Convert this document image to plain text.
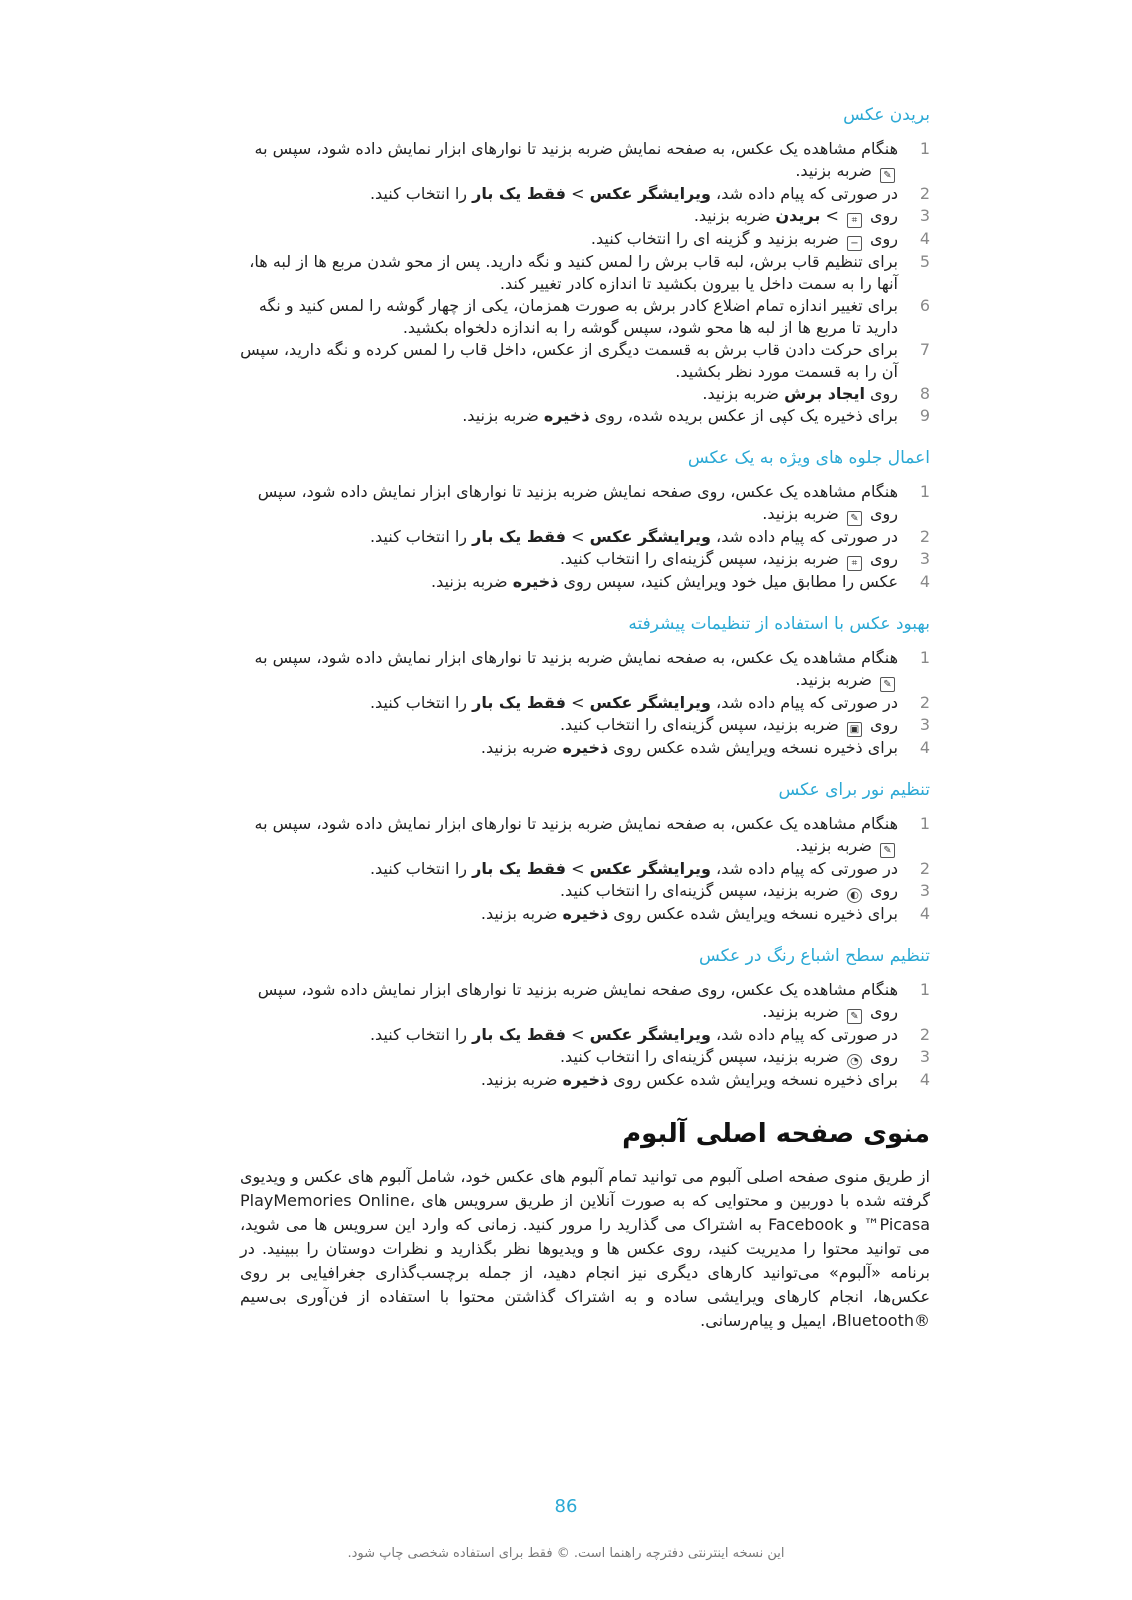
بریدن عکس
1
هنگام مشاهده یک عکس، به صفحه نمایش ضربه بزنید تا نوارهای ابزار نمایش داده شود، سپس به ✎ ضربه بزنید.
2
در صورتی که پیام داده شد، ویرایشگر عکس > فقط یک بار را انتخاب کنید.
3
روی ⌗ > بریدن ضربه بزنید.
4
روی − ضربه بزنید و گزینه ای را انتخاب کنید.
5
برای تنظیم قاب برش، لبه قاب برش را لمس کنید و نگه دارید. پس از محو شدن مربع ها از لبه ها، آنها را به سمت داخل یا بیرون بکشید تا اندازه کادر تغییر کند.
6
برای تغییر اندازه تمام اضلاع کادر برش به صورت همزمان، یکی از چهار گوشه را لمس کنید و نگه دارید تا مربع ها از لبه ها محو شود، سپس گوشه را به اندازه دلخواه بکشید.
7
برای حرکت دادن قاب برش به قسمت دیگری از عکس، داخل قاب را لمس کرده و نگه دارید، سپس آن را به قسمت مورد نظر بکشید.
8
روی ایجاد برش ضربه بزنید.
9
برای ذخیره یک کپی از عکس بریده شده، روی ذخیره ضربه بزنید.
اعمال جلوه های ویژه به یک عکس
1
هنگام مشاهده یک عکس، روی صفحه نمایش ضربه بزنید تا نوارهای ابزار نمایش داده شود، سپس روی ✎ ضربه بزنید.
2
در صورتی که پیام داده شد، ویرایشگر عکس > فقط یک بار را انتخاب کنید.
3
روی ⌗ ضربه بزنید، سپس گزینه‌ای را انتخاب کنید.
4
عکس را مطابق میل خود ویرایش کنید، سپس روی ذخیره ضربه بزنید.
بهبود عکس با استفاده از تنظیمات پیشرفته
1
هنگام مشاهده یک عکس، به صفحه نمایش ضربه بزنید تا نوارهای ابزار نمایش داده شود، سپس به ✎ ضربه بزنید.
2
در صورتی که پیام داده شد، ویرایشگر عکس > فقط یک بار را انتخاب کنید.
3
روی ▣ ضربه بزنید، سپس گزینه‌ای را انتخاب کنید.
4
برای ذخیره نسخه ویرایش شده عکس روی ذخیره ضربه بزنید.
تنظیم نور برای عکس
1
هنگام مشاهده یک عکس، به صفحه نمایش ضربه بزنید تا نوارهای ابزار نمایش داده شود، سپس به ✎ ضربه بزنید.
2
در صورتی که پیام داده شد، ویرایشگر عکس > فقط یک بار را انتخاب کنید.
3
روی ◐ ضربه بزنید، سپس گزینه‌ای را انتخاب کنید.
4
برای ذخیره نسخه ویرایش شده عکس روی ذخیره ضربه بزنید.
تنظیم سطح اشباع رنگ در عکس
1
هنگام مشاهده یک عکس، روی صفحه نمایش ضربه بزنید تا نوارهای ابزار نمایش داده شود، سپس روی ✎ ضربه بزنید.
2
در صورتی که پیام داده شد، ویرایشگر عکس > فقط یک بار را انتخاب کنید.
3
روی ◔ ضربه بزنید، سپس گزینه‌ای را انتخاب کنید.
4
برای ذخیره نسخه ویرایش شده عکس روی ذخیره ضربه بزنید.
منوی صفحه اصلی آلبوم

از طریق منوی صفحه اصلی آلبوم می توانید تمام آلبوم های عکس خود، شامل آلبوم های عکس و ویدیوی گرفته شده با دوربین و محتوایی که به صورت آنلاین از طریق سرویس های PlayMemories Online، ™Picasa و Facebook به اشتراک می گذارید را مرور کنید. زمانی که وارد این سرویس ها می شوید، می توانید محتوا را مدیریت کنید، روی عکس ها و ویدیوها نظر بگذارید و نظرات دوستان را ببینید. در برنامه «آلبوم» می‌توانید کارهای دیگری نیز انجام دهید، از جمله برچسب‌گذاری جغرافیایی بر روی عکس‌ها، انجام کارهای ویرایشی ساده و به اشتراک گذاشتن محتوا با استفاده از فن‌آوری بی‌سیم ®Bluetooth، ایمیل و پیام‌رسانی.

86
این نسخه اینترنتی دفترچه راهنما است. © فقط برای استفاده شخصی چاپ شود.
